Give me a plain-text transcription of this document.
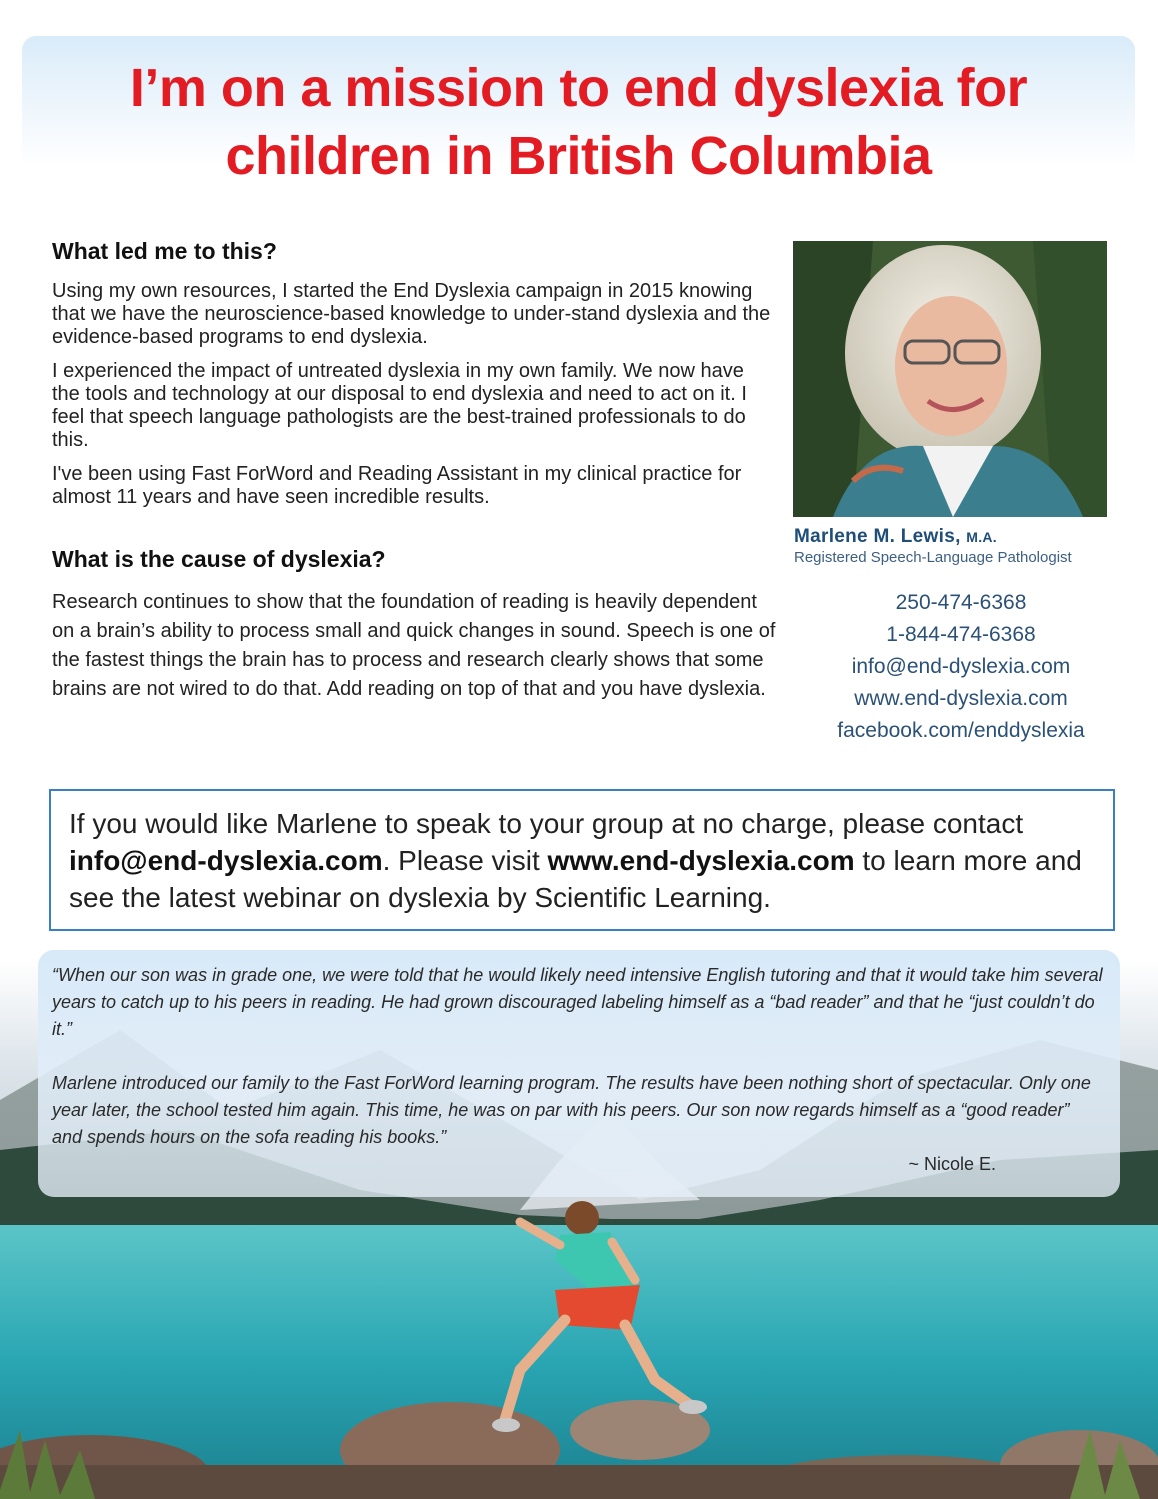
I’m on a mission to end dyslexia for
children in British Columbia
What led me to this?

Using my own resources, I started the End Dyslexia campaign in 2015 knowing that we have the neuroscience-based knowledge to under-stand dyslexia and the evidence-based programs to end dyslexia.

I experienced the impact of untreated dyslexia in my own family. We now have the tools and technology at our disposal to end dyslexia and need to act on it. I feel that speech language pathologists are the best-trained professionals to do this.

I've been using Fast ForWord and Reading Assistant in my clinical practice for almost 11 years and have seen incredible results.

What is the cause of dyslexia?

Research continues to show that the foundation of reading is heavily dependent on a brain’s ability to process small and quick changes in sound. Speech is one of the fastest things the brain has to process and research clearly shows that some brains are not wired to do that. Add reading on top of that and you have dyslexia.

Marlene M. Lewis, M.A.
Registered Speech-Language Pathologist
250-474-6368
1-844-474-6368
info@end-dyslexia.com
www.end-dyslexia.com
facebook.com/enddyslexia

If you would like Marlene to speak to your group at no charge, please contact info@end-dyslexia.com. Please visit www.end-dyslexia.com to learn more and see the latest webinar on dyslexia by Scientific Learning.

“When our son was in grade one, we were told that he would likely need intensive English tutoring and that it would take him several years to catch up to his peers in reading. He had grown discouraged labeling himself as a “bad reader” and that he “just couldn’t do it.”

Marlene introduced our family to the Fast ForWord learning program. The results have been nothing short of spectacular. Only one year later, the school tested him again. This time, he was on par with his peers. Our son now regards himself as a “good reader” and spends hours on the sofa reading his books.”

~ Nicole E.
